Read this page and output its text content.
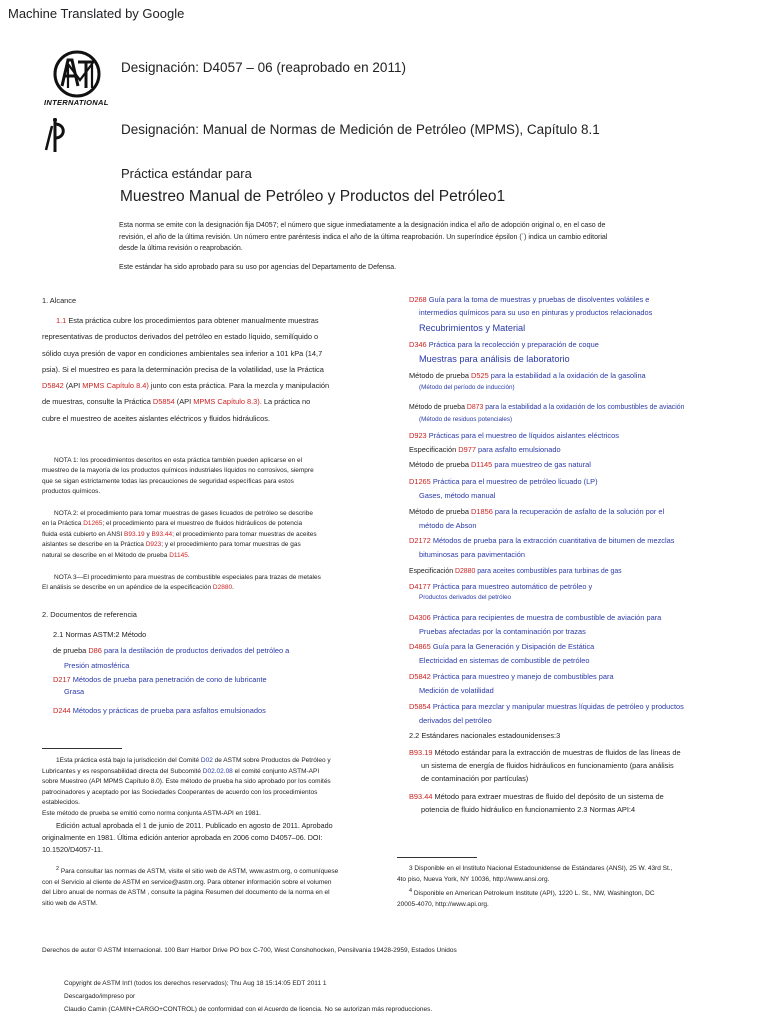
Machine Translated by Google
INTERNATIONAL
Designación: D4057 – 06 (reaprobado en 2011)
Designación: Manual de Normas de Medición de Petróleo (MPMS), Capítulo 8.1
Práctica estándar para
Muestreo Manual de Petróleo y Productos del Petróleo1
Esta norma se emite con la designación fija D4057; el número que sigue inmediatamente a la designación indica el año de adopción original o, en el caso de
revisión, el año de la última revisión. Un número entre paréntesis indica el año de la última reaprobación. Un superíndice épsilon (´) indica un cambio editorial
desde la última revisión o reaprobación.
Este estándar ha sido aprobado para su uso por agencias del Departamento de Defensa.
1. Alcance
1.1 Esta práctica cubre los procedimientos para obtener manualmente muestras
representativas de productos derivados del petróleo en estado líquido, semilíquido o
sólido cuya presión de vapor en condiciones ambientales sea inferior a 101 kPa (14,7
psia). Si el muestreo es para la determinación precisa de la volatilidad, use la Práctica
D5842 (API MPMS Capítulo 8.4) junto con esta práctica. Para la mezcla y manipulación
de muestras, consulte la Práctica D5854 (API MPMS Capítulo 8.3). La práctica no
cubre el muestreo de aceites aislantes eléctricos y fluidos hidráulicos.
NOTA 1: los procedimientos descritos en esta práctica también pueden aplicarse en el
muestreo de la mayoría de los productos químicos industriales líquidos no corrosivos, siempre
que se sigan estrictamente todas las precauciones de seguridad específicas para estos
productos químicos.
NOTA 2: el procedimiento para tomar muestras de gases licuados de petróleo se describe
en la Práctica D1265; el procedimiento para el muestreo de fluidos hidráulicos de potencia
fluida está cubierto en ANSI B93.19 y B93.44; el procedimiento para tomar muestras de aceites
aislantes se describe en la Práctica D923; y el procedimiento para tomar muestras de gas
natural se describe en el Método de prueba D1145.
NOTA 3—El procedimiento para muestras de combustible especiales para trazas de metales
El análisis se describe en un apéndice de la especificación D2880.
2. Documentos de referencia
2.1 Normas ASTM:2 Método
de prueba D86 para la destilación de productos derivados del petróleo a
Presión atmosférica
D217 Métodos de prueba para penetración de cono de lubricante
Grasa
D244 Métodos y prácticas de prueba para asfaltos emulsionados
1Esta práctica está bajo la jurisdicción del Comité D02 de ASTM sobre Productos de Petróleo y
Lubricantes y es responsabilidad directa del Subcomité D02.02.08 el comité conjunto ASTM-API
sobre Muestreo (API MPMS Capítulo 8.0). Este método de prueba ha sido aprobado por los comités
patrocinadores y aceptado por las Sociedades Cooperantes de acuerdo con los procedimientos
establecidos.
Este método de prueba se emitió como norma conjunta ASTM-API en 1981.
Edición actual aprobada el 1 de junio de 2011. Publicado en agosto de 2011. Aprobado
originalmente en 1981. Última edición anterior aprobada en 2006 como D4057–06. DOI:
10.1520/D4057-11.
$^2$ Para consultar las normas de ASTM, visite el sitio web de ASTM, www.astm.org, o comuníquese
con el Servicio al cliente de ASTM en service@astm.org. Para obtener información sobre el volumen
del Libro anual de normas de ASTM , consulte la página Resumen del documento de la norma en el
sitio web de ASTM.
D268 Guía para la toma de muestras y pruebas de disolventes volátiles e
intermedios químicos para su uso en pinturas y productos relacionados
Recubrimientos y Material
D346 Práctica para la recolección y preparación de coque
Muestras para análisis de laboratorio
Método de prueba D525 para la estabilidad a la oxidación de la gasolina
(Método del período de inducción)
Método de prueba D873 para la estabilidad a la oxidación de los combustibles de aviación
(Método de residuos potenciales)
D923 Prácticas para el muestreo de líquidos aislantes eléctricos
Especificación D977 para asfalto emulsionado
Método de prueba D1145 para muestreo de gas natural
D1265 Práctica para el muestreo de petróleo licuado (LP)
Gases, método manual
Método de prueba D1856 para la recuperación de asfalto de la solución por el
método de Abson
D2172 Métodos de prueba para la extracción cuantitativa de bitumen de mezclas
bituminosas para pavimentación
Especificación D2880 para aceites combustibles para turbinas de gas
D4177 Práctica para muestreo automático de petróleo y
Productos derivados del petróleo
D4306 Práctica para recipientes de muestra de combustible de aviación para
Pruebas afectadas por la contaminación por trazas
D4865 Guía para la Generación y Disipación de Estática
Electricidad en sistemas de combustible de petróleo
D5842 Práctica para muestreo y manejo de combustibles para
Medición de volatilidad
D5854 Práctica para mezclar y manipular muestras líquidas de petróleo y productos
derivados del petróleo
2.2 Estándares nacionales estadounidenses:3
B93.19 Método estándar para la extracción de muestras de fluidos de las líneas de
un sistema de energía de fluidos hidráulicos en funcionamiento (para análisis
de contaminación por partículas)
B93.44 Método para extraer muestras de fluido del depósito de un sistema de
potencia de fluido hidráulico en funcionamiento 2.3 Normas API:4
3 Disponible en el Instituto Nacional Estadounidense de Estándares (ANSI), 25 W. 43rd St.,
4to piso, Nueva York, NY 10036, http://www.ansi.org.
$^4$ Disponible en American Petroleum Institute (API), 1220 L. St., NW, Washington, DC
20005-4070, http://www.api.org.
Derechos de autor © ASTM Internacional. 100 Barr Harbor Drive PO box C-700, West Conshohocken, Pensilvania 19428-2959, Estados Unidos
Copyright de ASTM Int'l (todos los derechos reservados); Thu Aug 18 15:14:05 EDT 2011 1
Descargado/impreso por
Claudio Camin (CAMIN+CARGO+CONTROL) de conformidad con el Acuerdo de licencia. No se autorizan más reproducciones.
